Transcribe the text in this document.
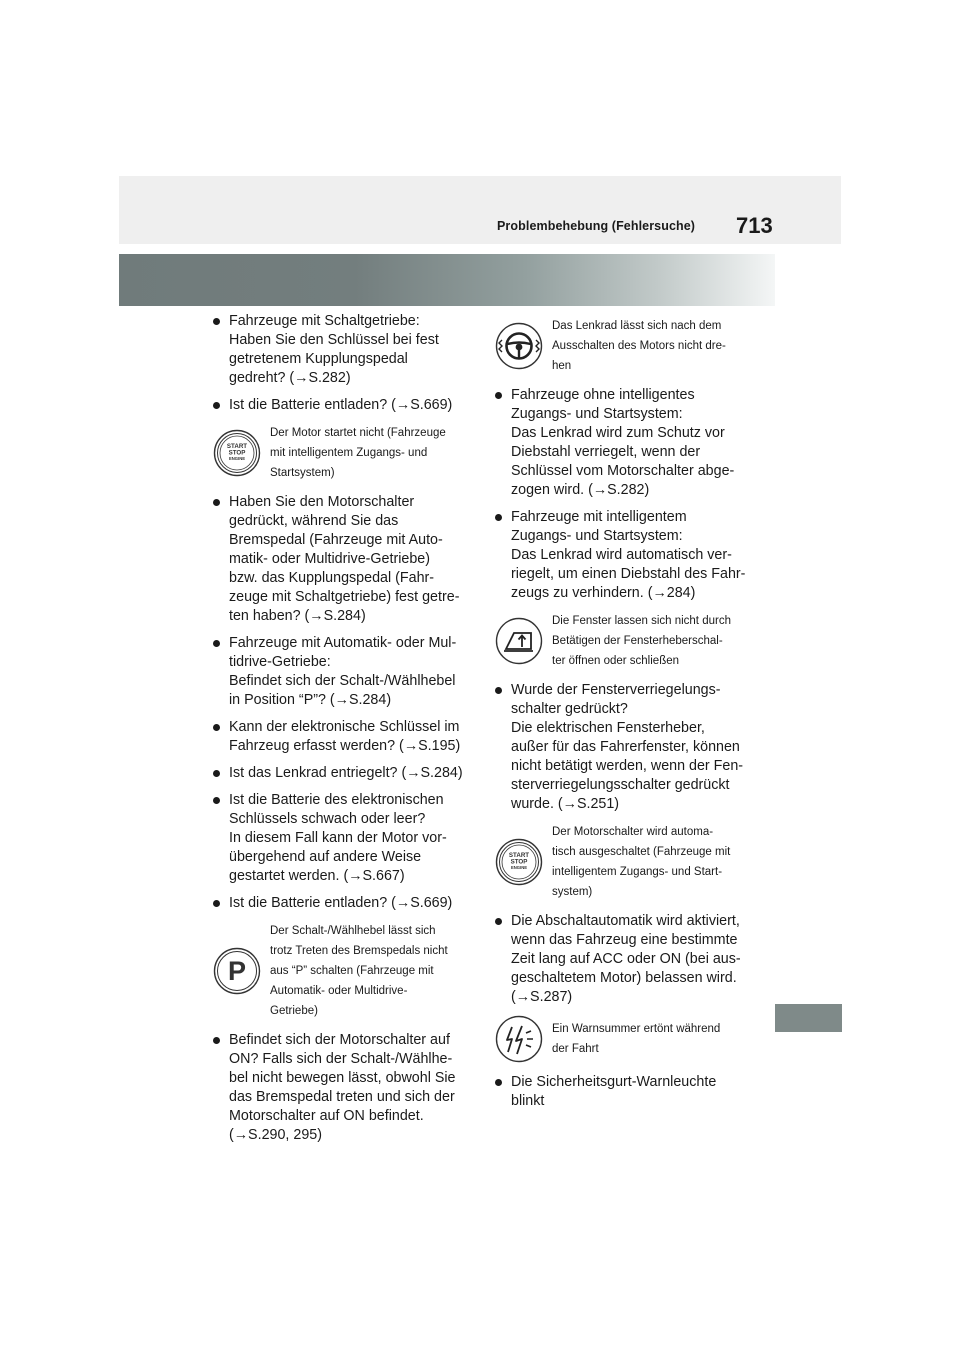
Problembehebung (Fehlersuche) 713
Fahrzeuge mit Schaltgetriebe:
Haben Sie den Schlüssel bei fest
getretenem Kupplungspedal
gedreht? (→S.282)
Ist die Batterie entladen? (→S.669)
START
STOP
ENGINE
Der Motor startet nicht (Fahrzeuge
mit intelligentem Zugangs- und
Startsystem)
Haben Sie den Motorschalter
gedrückt, während Sie das
Bremspedal (Fahrzeuge mit Auto-
matik- oder Multidrive-Getriebe)
bzw. das Kupplungspedal (Fahr-
zeuge mit Schaltgetriebe) fest getre-
ten haben? (→S.284)
Fahrzeuge mit Automatik- oder Mul-
tidrive-Getriebe:
Befindet sich der Schalt-/Wählhebel
in Position “P”? (→S.284)
Kann der elektronische Schlüssel im
Fahrzeug erfasst werden? (→S.195)
Ist das Lenkrad entriegelt? (→S.284)
Ist die Batterie des elektronischen
Schlüssels schwach oder leer?
In diesem Fall kann der Motor vor-
übergehend auf andere Weise
gestartet werden. (→S.667)
Ist die Batterie entladen? (→S.669)
P
Der Schalt-/Wählhebel lässt sich
trotz Treten des Bremspedals nicht
aus “P” schalten (Fahrzeuge mit
Automatik- oder Multidrive-
Getriebe)
Befindet sich der Motorschalter auf
ON? Falls sich der Schalt-/Wählhe-
bel nicht bewegen lässt, obwohl Sie
das Bremspedal treten und sich der
Motorschalter auf ON befindet.
(→S.290, 295)
Das Lenkrad lässt sich nach dem
Ausschalten des Motors nicht dre-
hen
Fahrzeuge ohne intelligentes
Zugangs- und Startsystem:
Das Lenkrad wird zum Schutz vor
Diebstahl verriegelt, wenn der
Schlüssel vom Motorschalter abge-
zogen wird. (→S.282)
Fahrzeuge mit intelligentem
Zugangs- und Startsystem:
Das Lenkrad wird automatisch ver-
riegelt, um einen Diebstahl des Fahr-
zeugs zu verhindern. (→284)
Die Fenster lassen sich nicht durch
Betätigen der Fensterheberschal-
ter öffnen oder schließen
Wurde der Fensterverriegelungs-
schalter gedrückt?
Die elektrischen Fensterheber,
außer für das Fahrerfenster, können
nicht betätigt werden, wenn der Fen-
sterverriegelungsschalter gedrückt
wurde. (→S.251)
START
STOP
ENGINE
Der Motorschalter wird automa-
tisch ausgeschaltet (Fahrzeuge mit
intelligentem Zugangs- und Start-
system)
Die Abschaltautomatik wird aktiviert,
wenn das Fahrzeug eine bestimmte
Zeit lang auf ACC oder ON (bei aus-
geschaltetem Motor) belassen wird.
(→S.287)
Ein Warnsummer ertönt während
der Fahrt
Die Sicherheitsgurt-Warnleuchte
blinkt
